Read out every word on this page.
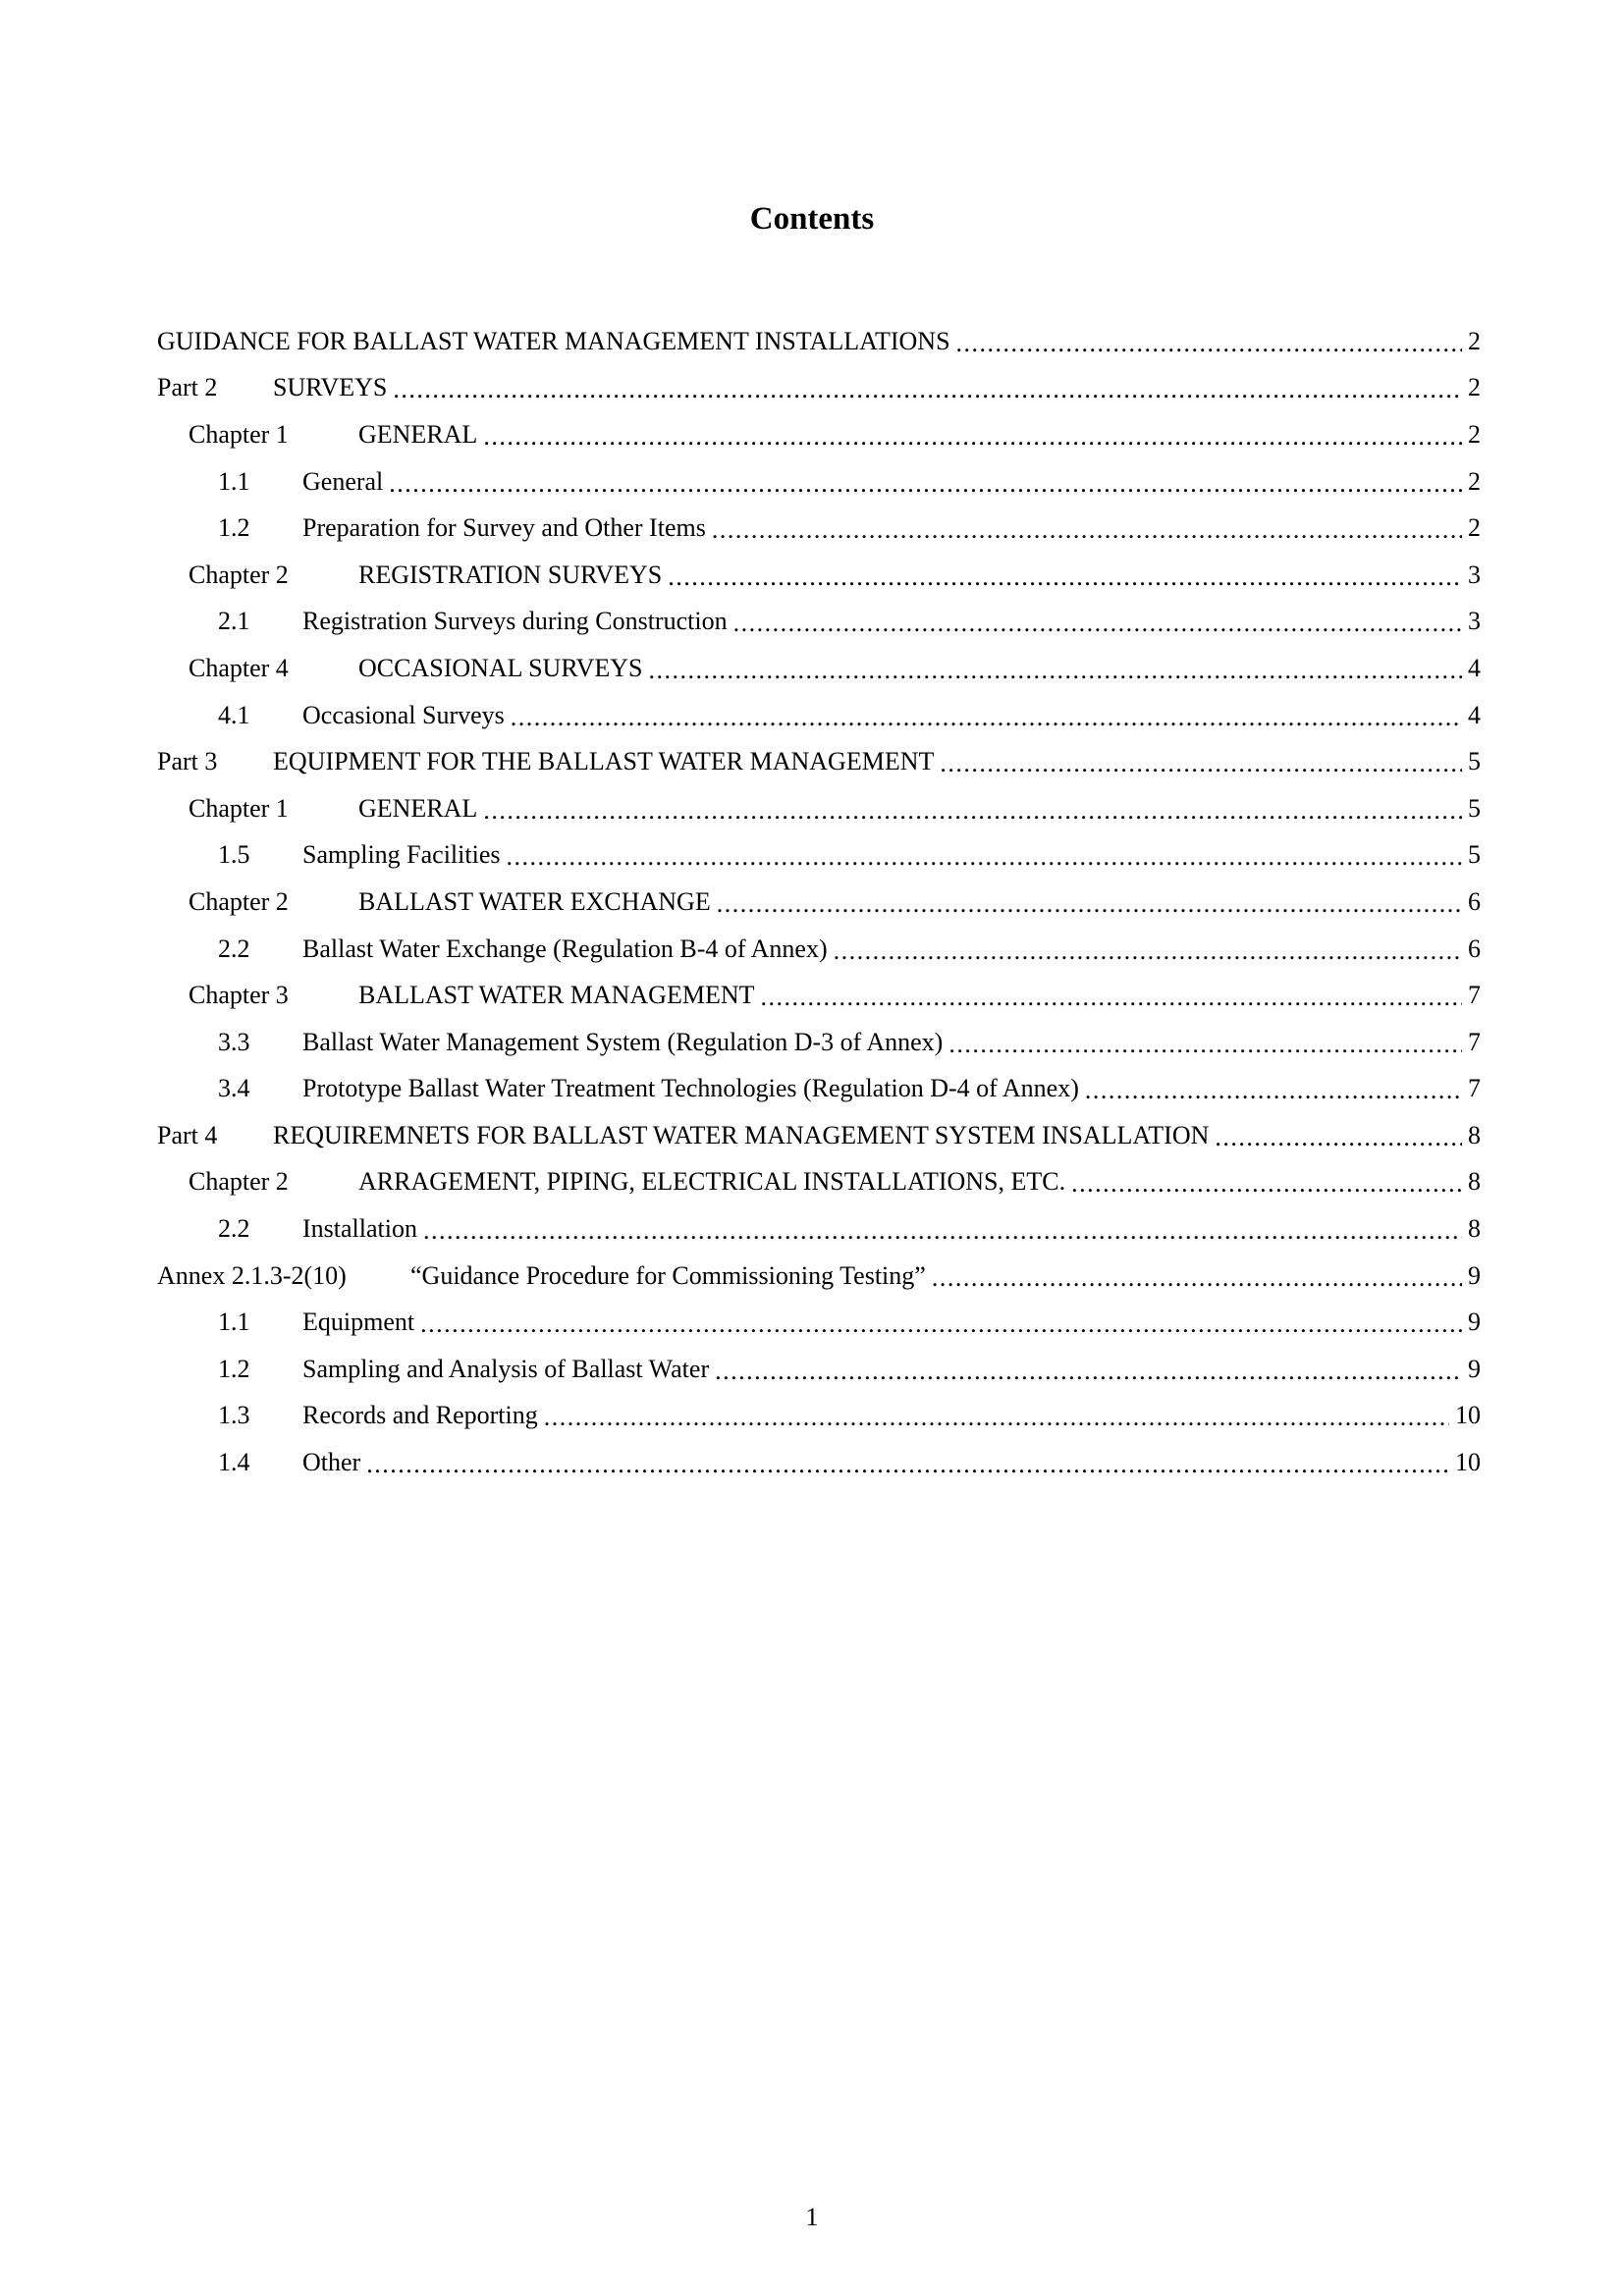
Contents
GUIDANCE FOR BALLAST WATER MANAGEMENT INSTALLATIONS .....	2
Part 2	SURVEYS .....	2
Chapter 1	GENERAL .....	2
1.1	General .....	2
1.2	Preparation for Survey and Other Items .....	2
Chapter 2	REGISTRATION SURVEYS .....	3
2.1	Registration Surveys during Construction .....	3
Chapter 4	OCCASIONAL SURVEYS .....	4
4.1	Occasional Surveys .....	4
Part 3	EQUIPMENT FOR THE BALLAST WATER MANAGEMENT .....	5
Chapter 1	GENERAL .....	5
1.5	Sampling Facilities .....	5
Chapter 2	BALLAST WATER EXCHANGE .....	6
2.2	Ballast Water Exchange (Regulation B-4 of Annex) .....	6
Chapter 3	BALLAST WATER MANAGEMENT .....	7
3.3	Ballast Water Management System (Regulation D-3 of Annex) .....	7
3.4	Prototype Ballast Water Treatment Technologies (Regulation D-4 of Annex) .....	7
Part 4	REQUIREMNETS FOR BALLAST WATER MANAGEMENT SYSTEM INSALLATION .....	8
Chapter 2	ARRAGEMENT, PIPING, ELECTRICAL INSTALLATIONS, ETC. .....	8
2.2	Installation .....	8
Annex 2.1.3-2(10)	“Guidance Procedure for Commissioning Testing” .....	9
1.1	Equipment .....	9
1.2	Sampling and Analysis of Ballast Water .....	9
1.3	Records and Reporting .....	10
1.4	Other .....	10
1
